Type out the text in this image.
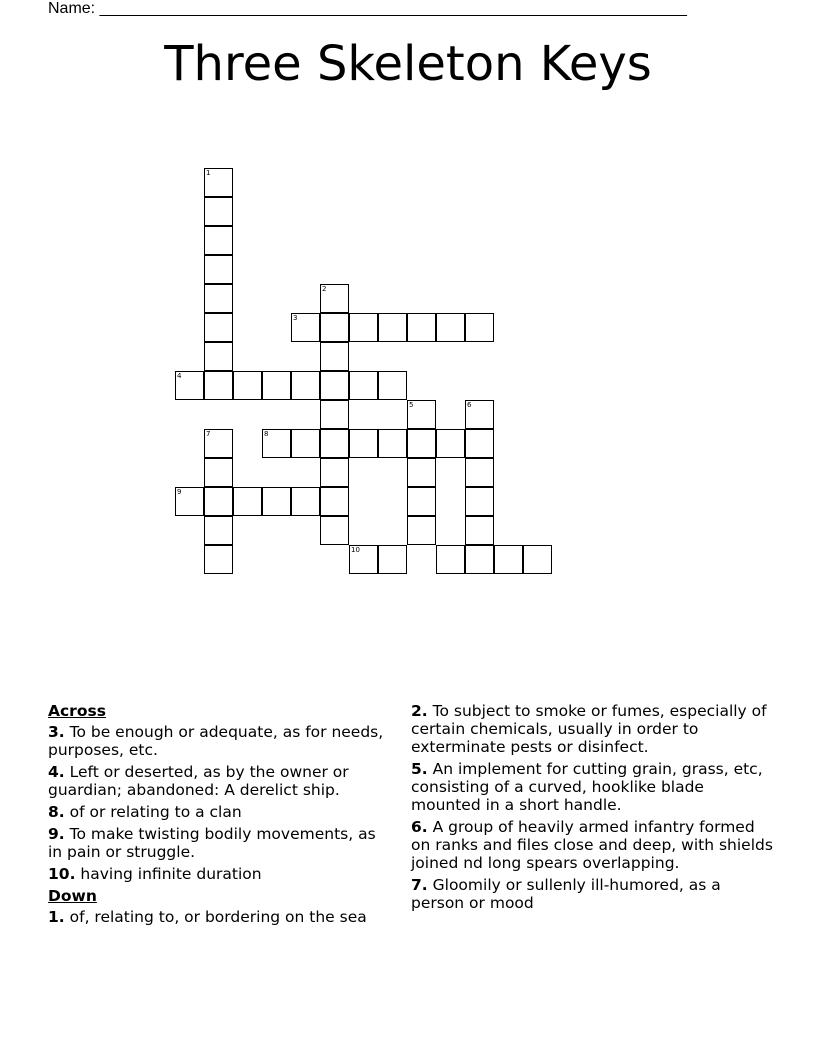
Name: __________________________________________________________________
Three Skeleton Keys
1
2
3
4
5	6
7	8
9
10
Across
3. To be enough or adequate, as for needs, purposes, etc.
4. Left or deserted, as by the owner or guardian; abandoned: A derelict ship.
8. of or relating to a clan
9. To make twisting bodily movements, as in pain or struggle.
10. having infinite duration
Down
1. of, relating to, or bordering on the sea
2. To subject to smoke or fumes, especially of certain chemicals, usually in order to exterminate pests or disinfect.
5. An implement for cutting grain, grass, etc, consisting of a curved, hooklike blade mounted in a short handle.
6. A group of heavily armed infantry formed on ranks and files close and deep, with shields joined nd long spears overlapping.
7. Gloomily or sullenly ill-humored, as a person or mood
